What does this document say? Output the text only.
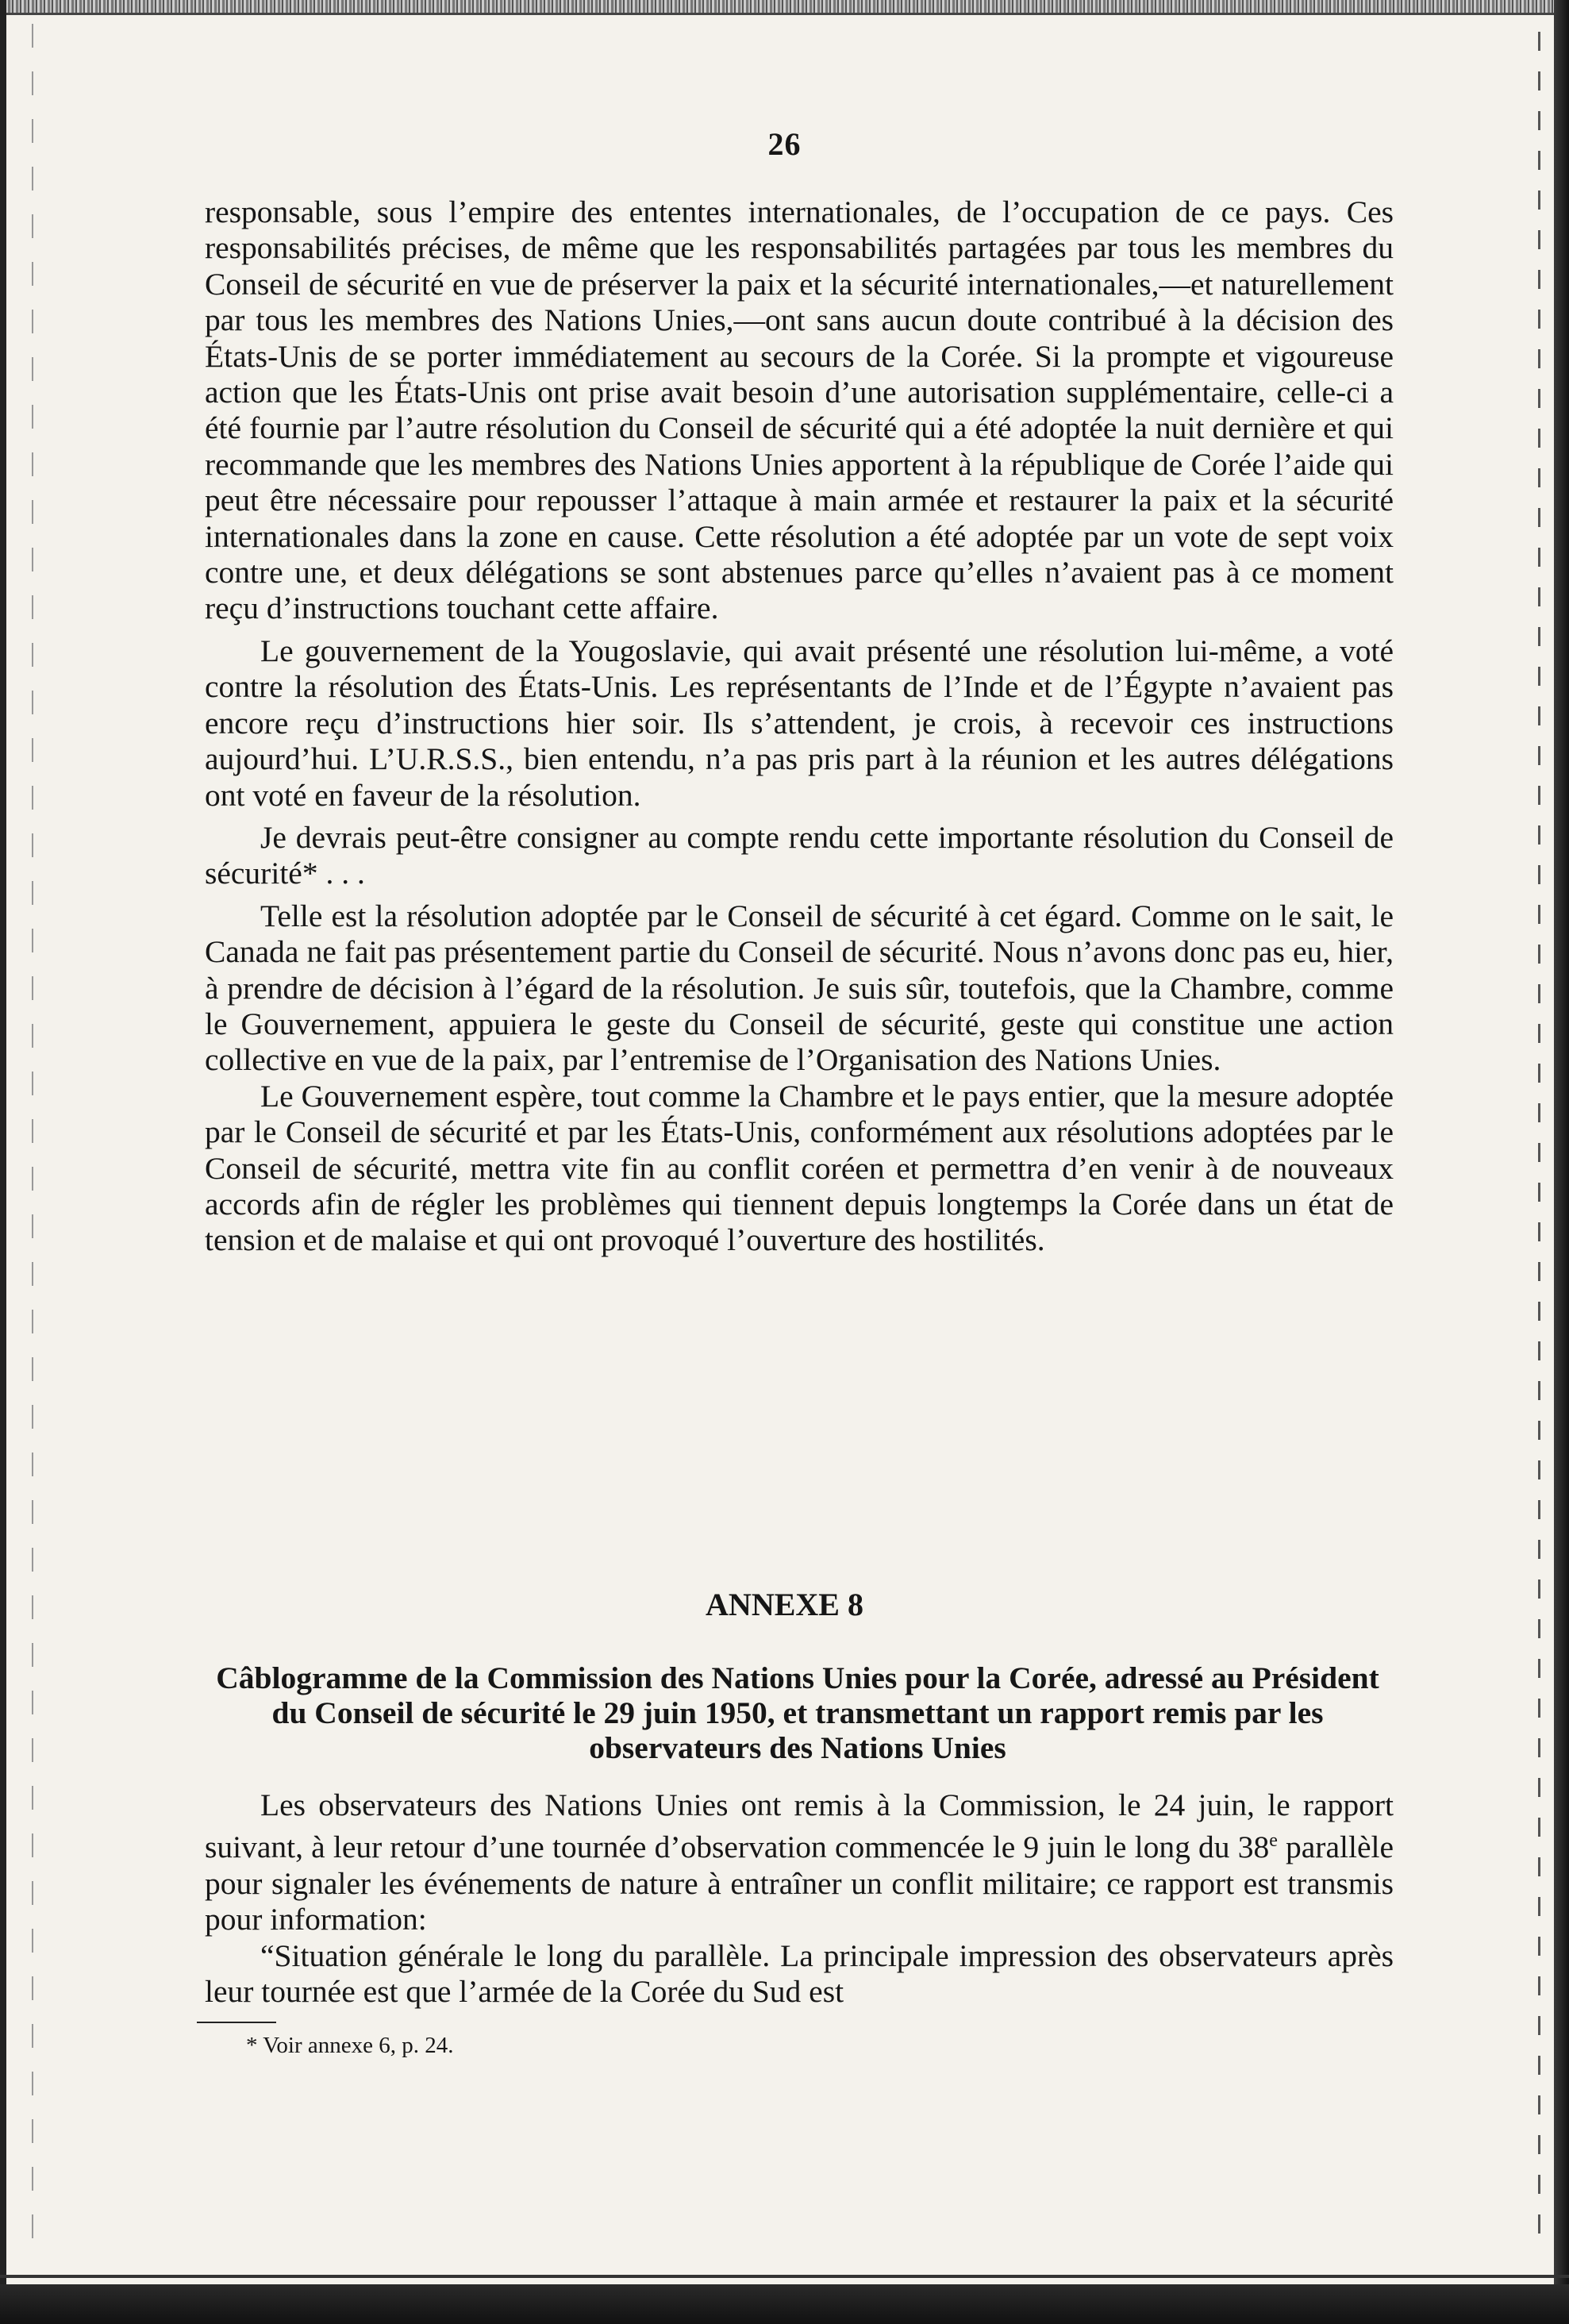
26

responsable, sous l’empire des ententes internationales, de l’occupation de ce pays. Ces responsabilités précises, de même que les responsabilités partagées par tous les membres du Conseil de sécurité en vue de préserver la paix et la sécurité internationales,—et naturellement par tous les membres des Nations Unies,—ont sans aucun doute contribué à la décision des États-Unis de se porter immédiatement au secours de la Corée. Si la prompte et vigoureuse action que les États-Unis ont prise avait besoin d’une autorisation supplémentaire, celle-ci a été fournie par l’autre résolution du Conseil de sécurité qui a été adoptée la nuit dernière et qui recommande que les membres des Nations Unies apportent à la république de Corée l’aide qui peut être nécessaire pour repousser l’attaque à main armée et restaurer la paix et la sécurité internationales dans la zone en cause. Cette résolution a été adoptée par un vote de sept voix contre une, et deux délégations se sont abstenues parce qu’elles n’avaient pas à ce moment reçu d’instructions touchant cette affaire.

Le gouvernement de la Yougoslavie, qui avait présenté une résolution lui-même, a voté contre la résolution des États-Unis. Les représentants de l’Inde et de l’Égypte n’avaient pas encore reçu d’instructions hier soir. Ils s’attendent, je crois, à recevoir ces instructions aujourd’hui. L’U.R.S.S., bien entendu, n’a pas pris part à la réunion et les autres délégations ont voté en faveur de la résolution.

Je devrais peut-être consigner au compte rendu cette importante résolution du Conseil de sécurité* . . .

Telle est la résolution adoptée par le Conseil de sécurité à cet égard. Comme on le sait, le Canada ne fait pas présentement partie du Conseil de sécurité. Nous n’avons donc pas eu, hier, à prendre de décision à l’égard de la résolution. Je suis sûr, toutefois, que la Chambre, comme le Gouvernement, appuiera le geste du Conseil de sécurité, geste qui constitue une action collective en vue de la paix, par l’entremise de l’Organisation des Nations Unies.

Le Gouvernement espère, tout comme la Chambre et le pays entier, que la mesure adoptée par le Conseil de sécurité et par les États-Unis, conformément aux résolutions adoptées par le Conseil de sécurité, mettra vite fin au conflit coréen et permettra d’en venir à de nouveaux accords afin de régler les problèmes qui tiennent depuis longtemps la Corée dans un état de tension et de malaise et qui ont provoqué l’ouverture des hostilités.

ANNEXE 8
Câblogramme de la Commission des Nations Unies pour la Corée, adressé au Président du Conseil de sécurité le 29 juin 1950, et transmettant un rapport remis par les observateurs des Nations Unies

Les observateurs des Nations Unies ont remis à la Commission, le 24 juin, le rapport suivant, à leur retour d’une tournée d’observation commencée le 9 juin le long du 38e parallèle pour signaler les événements de nature à entraîner un conflit militaire; ce rapport est transmis pour information:

“Situation générale le long du parallèle. La principale impression des observateurs après leur tournée est que l’armée de la Corée du Sud est

* Voir annexe 6, p. 24.
